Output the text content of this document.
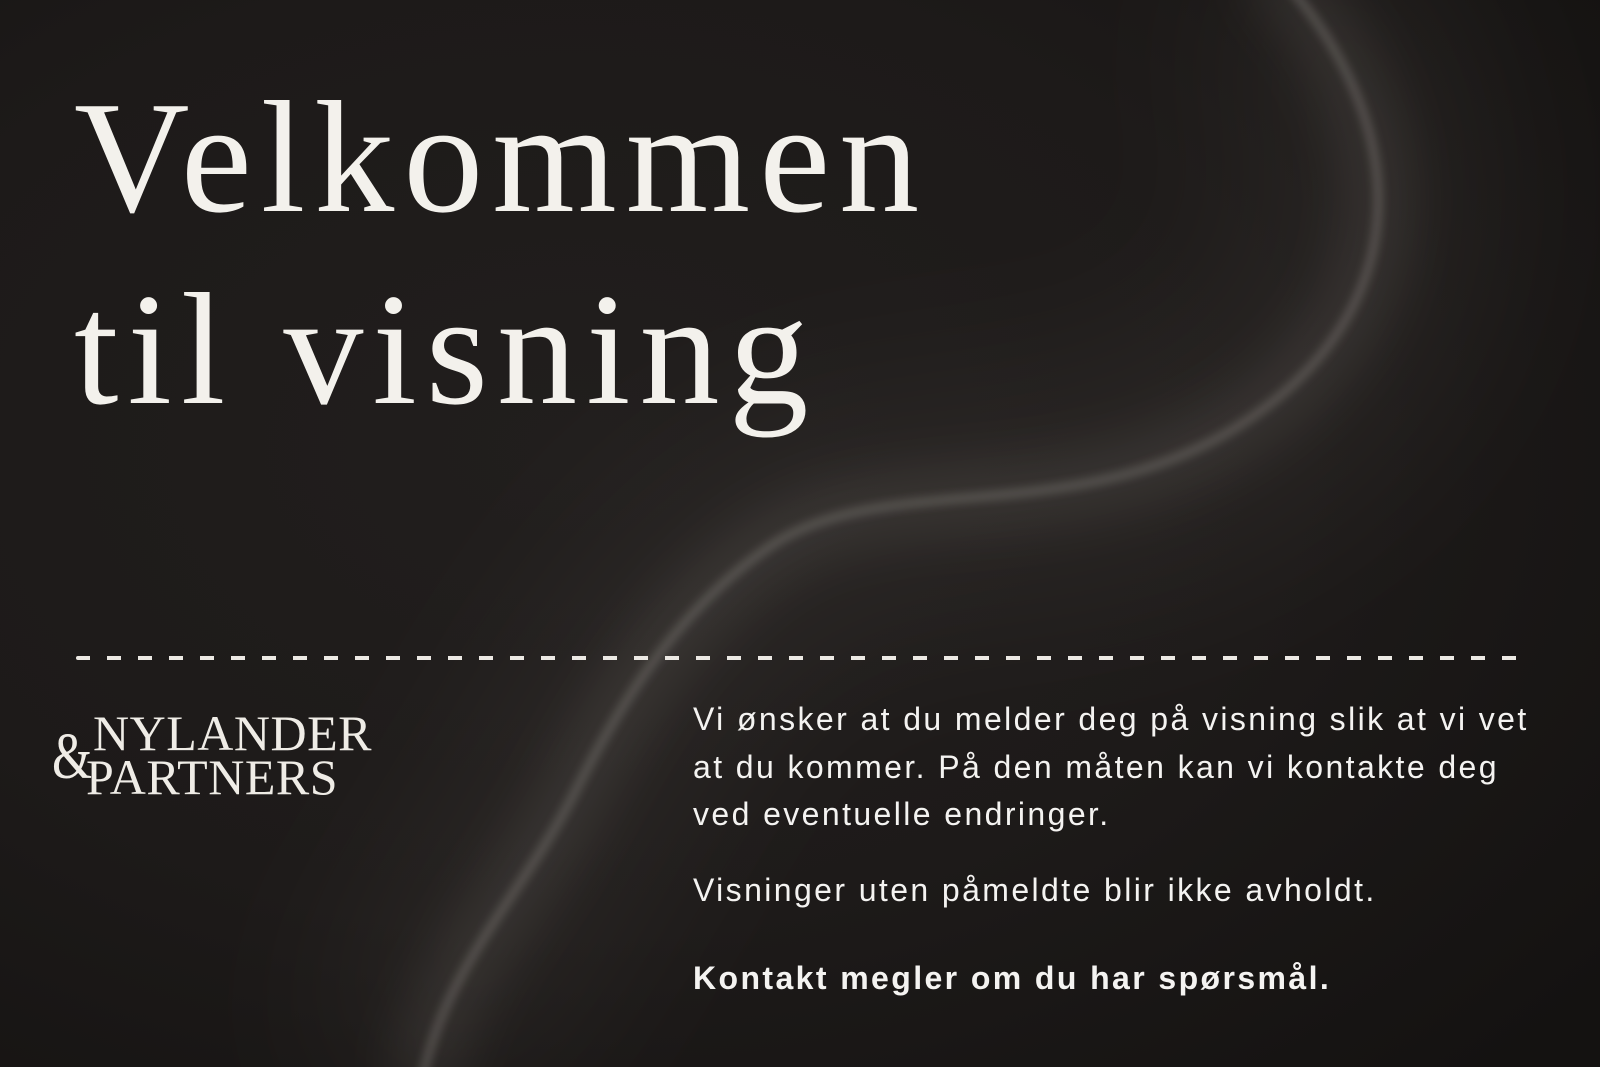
Velkommen
til visning
& NYLANDER
PARTNERS

Vi ønsker at du melder deg på visning slik at vi vet at du kommer. På den måten kan vi kontakte deg ved eventuelle endringer.

Visninger uten påmeldte blir ikke avholdt.

Kontakt megler om du har spørsmål.
